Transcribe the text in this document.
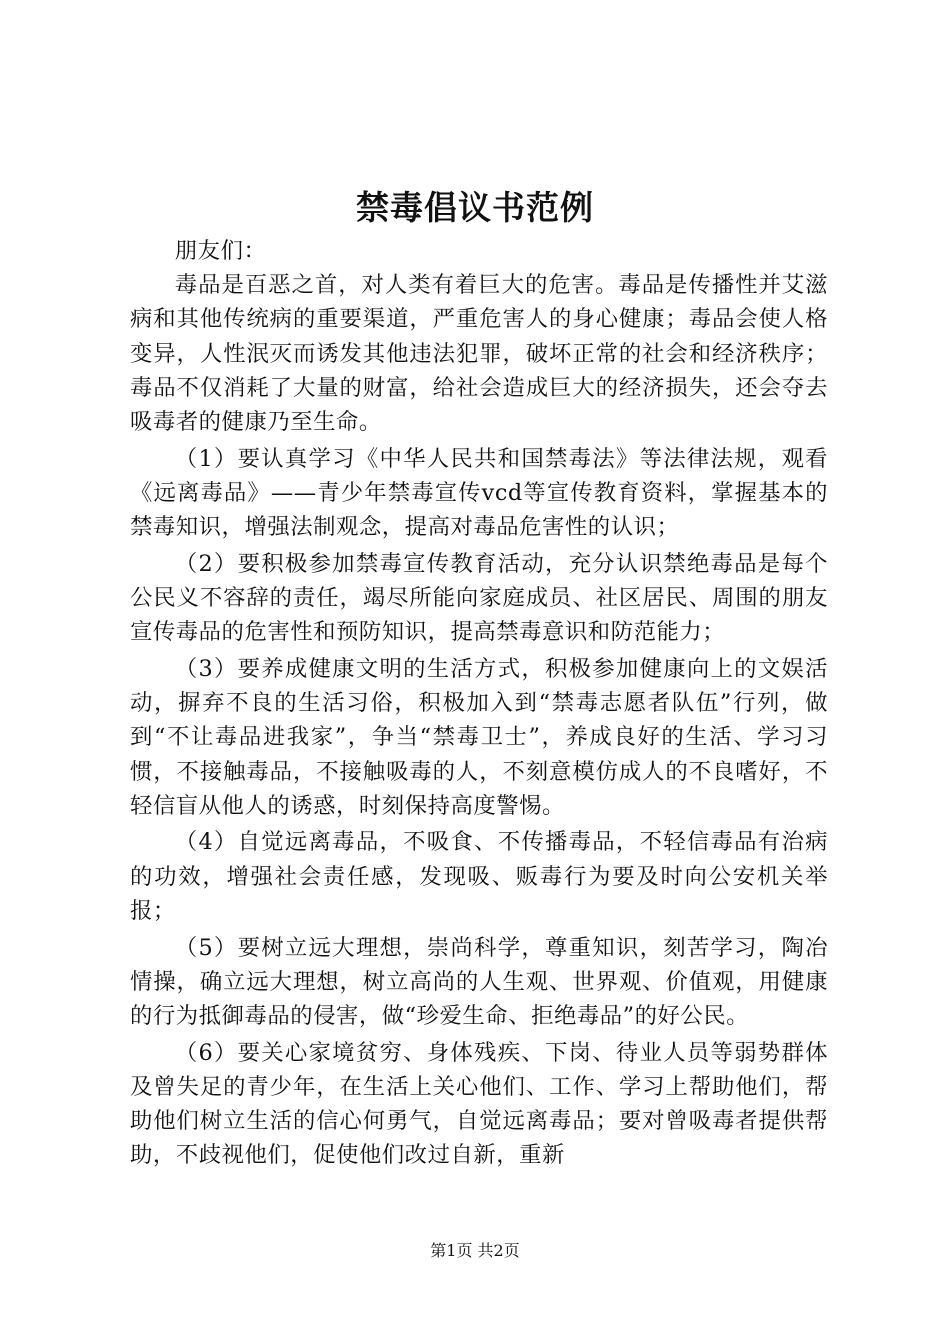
禁毒倡议书范例

朋友们：

毒品是百恶之首，对人类有着巨大的危害。毒品是传播性并艾滋病和其他传统病的重要渠道，严重危害人的身心健康；毒品会使人格变异，人性泯灭而诱发其他违法犯罪，破坏正常的社会和经济秩序；毒品不仅消耗了大量的财富，给社会造成巨大的经济损失，还会夺去吸毒者的健康乃至生命。

（1）要认真学习《中华人民共和国禁毒法》等法律法规，观看《远离毒品》——青少年禁毒宣传vcd等宣传教育资料，掌握基本的禁毒知识，增强法制观念，提高对毒品危害性的认识；

（2）要积极参加禁毒宣传教育活动，充分认识禁绝毒品是每个公民义不容辞的责任，竭尽所能向家庭成员、社区居民、周围的朋友宣传毒品的危害性和预防知识，提高禁毒意识和防范能力；

（3）要养成健康文明的生活方式，积极参加健康向上的文娱活动，摒弃不良的生活习俗，积极加入到“禁毒志愿者队伍”行列，做到“不让毒品进我家”，争当“禁毒卫士”，养成良好的生活、学习习惯，不接触毒品，不接触吸毒的人，不刻意模仿成人的不良嗜好，不轻信盲从他人的诱惑，时刻保持高度警惕。

（4）自觉远离毒品，不吸食、不传播毒品，不轻信毒品有治病的功效，增强社会责任感，发现吸、贩毒行为要及时向公安机关举报；

（5）要树立远大理想，崇尚科学，尊重知识，刻苦学习，陶冶情操，确立远大理想，树立高尚的人生观、世界观、价值观，用健康的行为抵御毒品的侵害，做“珍爱生命、拒绝毒品”的好公民。

（6）要关心家境贫穷、身体残疾、下岗、待业人员等弱势群体及曾失足的青少年，在生活上关心他们、工作、学习上帮助他们，帮助他们树立生活的信心何勇气，自觉远离毒品；要对曾吸毒者提供帮助，不歧视他们，促使他们改过自新，重新

第1页 共2页
